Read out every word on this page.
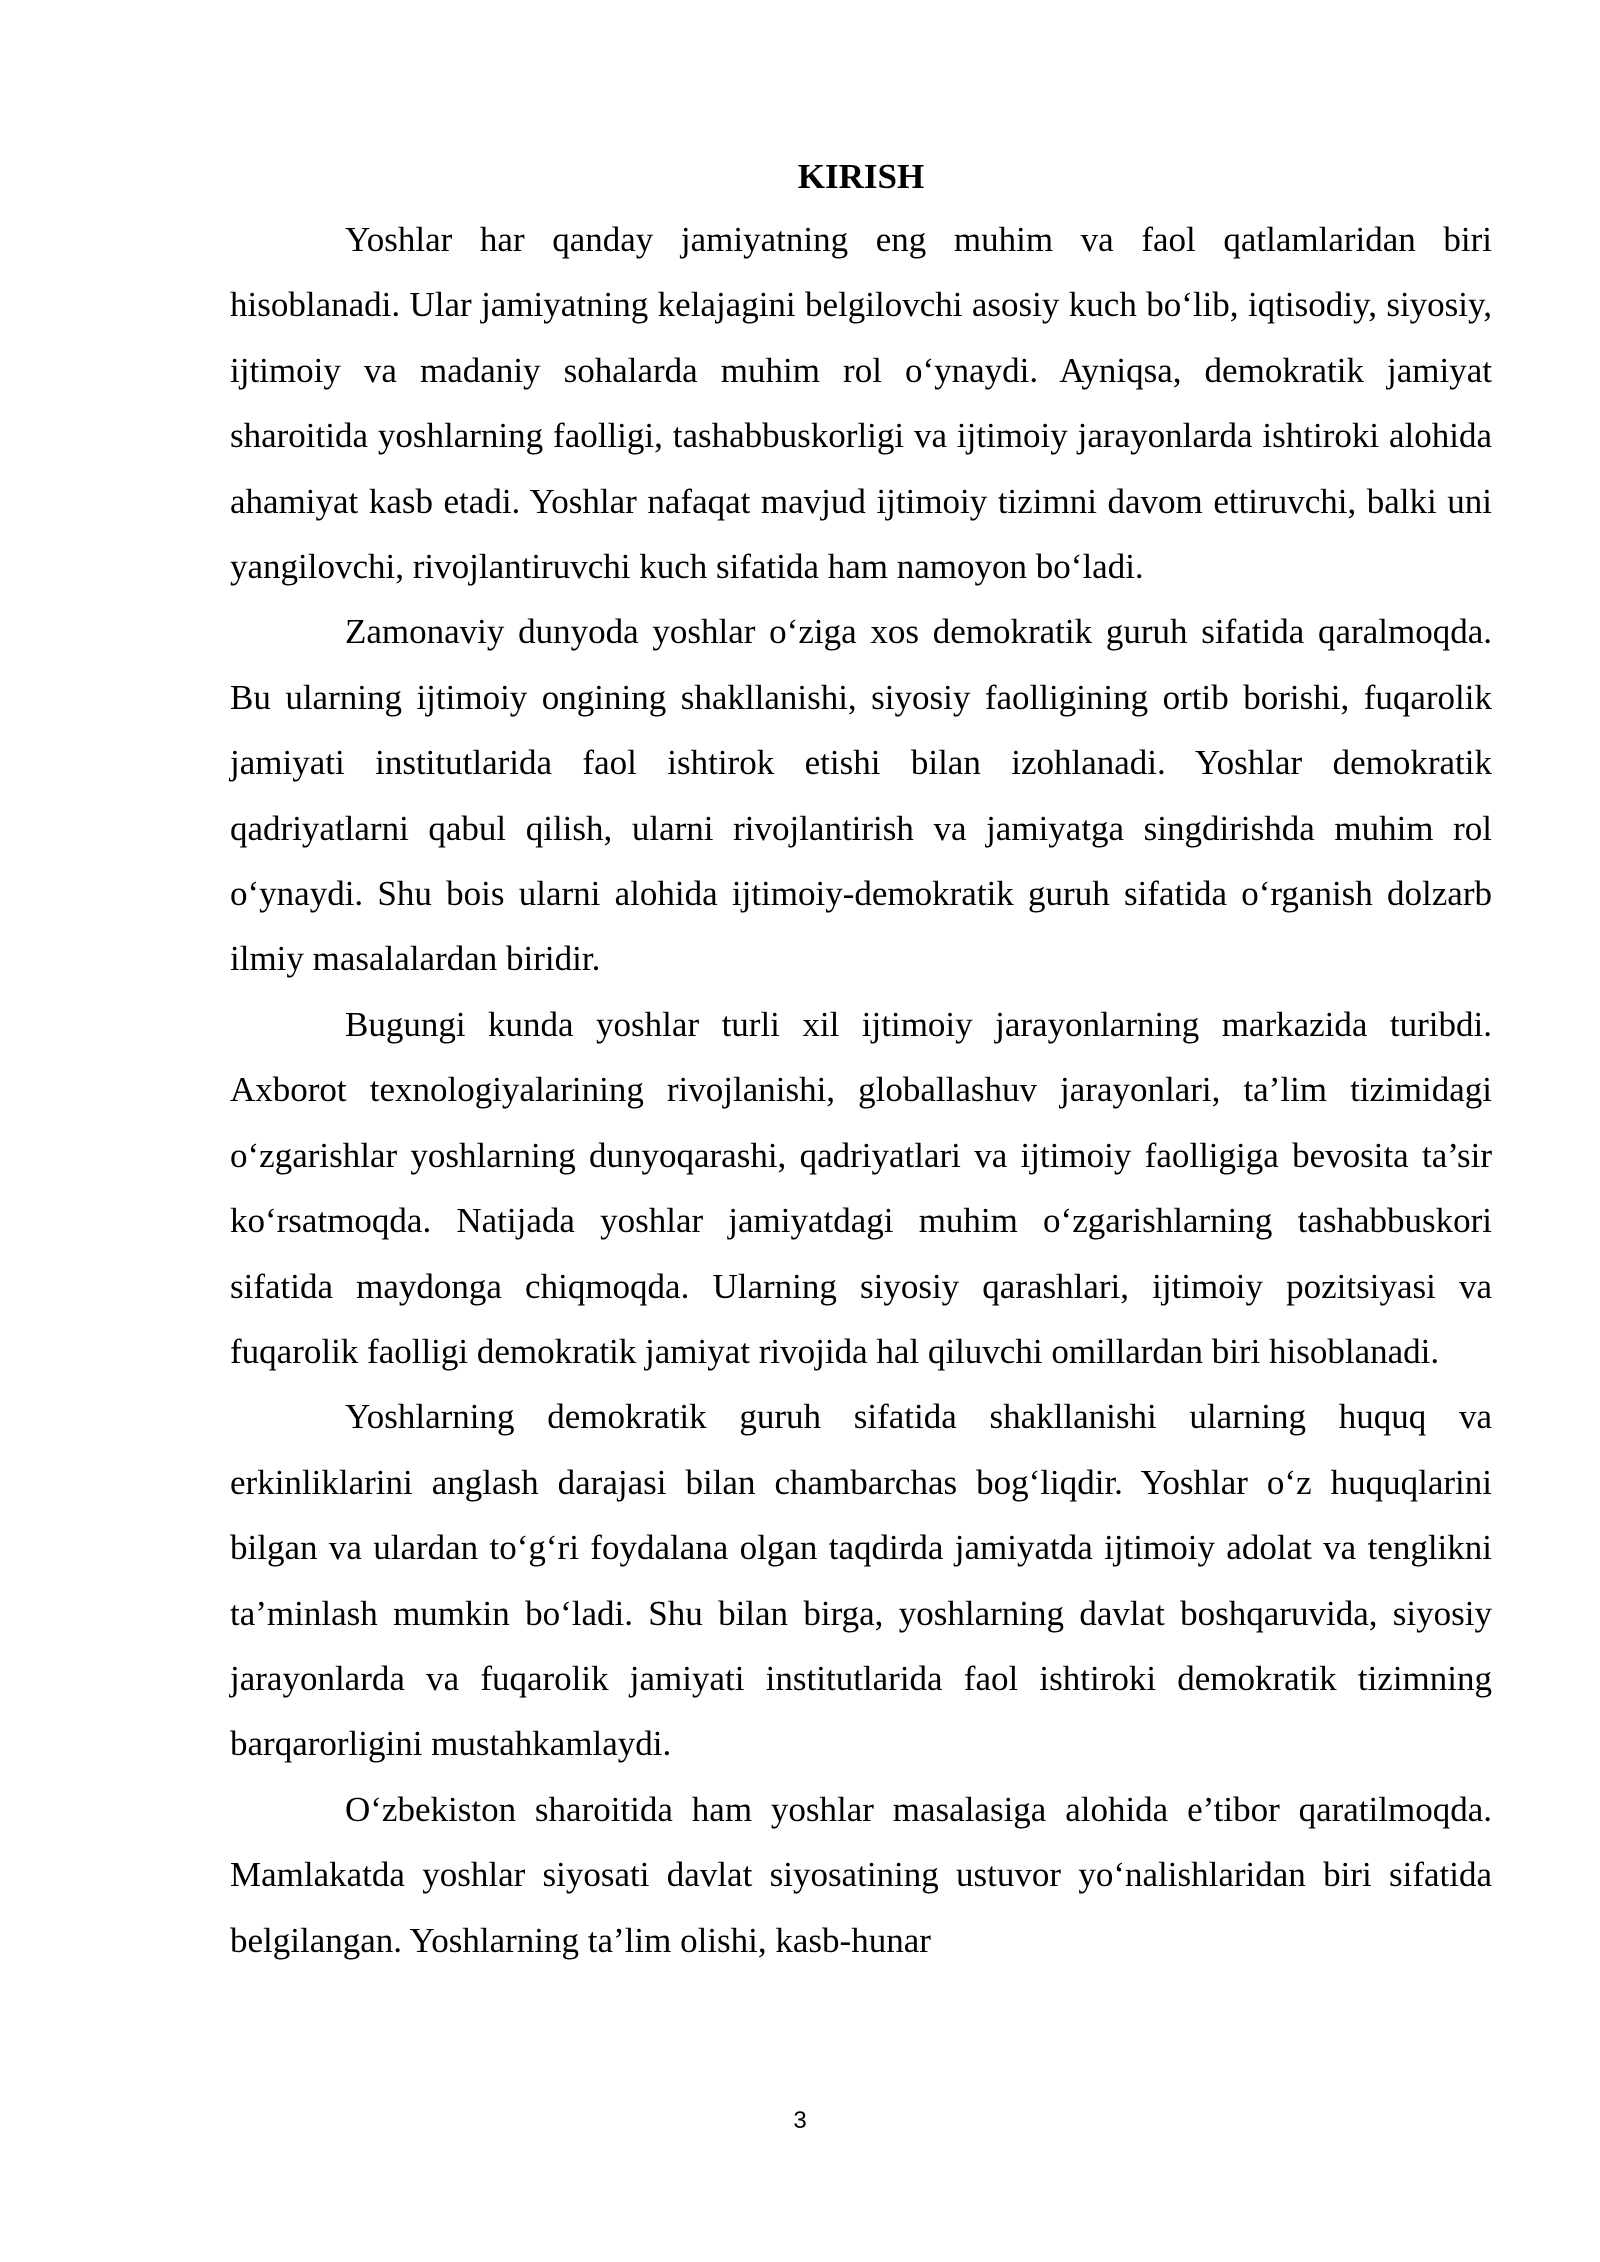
KIRISH

Yoshlar har qanday jamiyatning eng muhim va faol qatlamlaridan biri hisoblanadi. Ular jamiyatning kelajagini belgilovchi asosiy kuch bo‘lib, iqtisodiy, siyosiy, ijtimoiy va madaniy sohalarda muhim rol o‘ynaydi. Ayniqsa, demokratik jamiyat sharoitida yoshlarning faolligi, tashabbuskorligi va ijtimoiy jarayonlarda ishtiroki alohida ahamiyat kasb etadi. Yoshlar nafaqat mavjud ijtimoiy tizimni davom ettiruvchi, balki uni yangilovchi, rivojlantiruvchi kuch sifatida ham namoyon bo‘ladi.

Zamonaviy dunyoda yoshlar o‘ziga xos demokratik guruh sifatida qaralmoqda. Bu ularning ijtimoiy ongining shakllanishi, siyosiy faolligining ortib borishi, fuqarolik jamiyati institutlarida faol ishtirok etishi bilan izohlanadi. Yoshlar demokratik qadriyatlarni qabul qilish, ularni rivojlantirish va jamiyatga singdirishda muhim rol o‘ynaydi. Shu bois ularni alohida ijtimoiy-demokratik guruh sifatida o‘rganish dolzarb ilmiy masalalardan biridir.

Bugungi kunda yoshlar turli xil ijtimoiy jarayonlarning markazida turibdi. Axborot texnologiyalarining rivojlanishi, globallashuv jarayonlari, ta’lim tizimidagi o‘zgarishlar yoshlarning dunyoqarashi, qadriyatlari va ijtimoiy faolligiga bevosita ta’sir ko‘rsatmoqda. Natijada yoshlar jamiyatdagi muhim o‘zgarishlarning tashabbuskori sifatida maydonga chiqmoqda. Ularning siyosiy qarashlari, ijtimoiy pozitsiyasi va fuqarolik faolligi demokratik jamiyat rivojida hal qiluvchi omillardan biri hisoblanadi.

Yoshlarning demokratik guruh sifatida shakllanishi ularning huquq va erkinliklarini anglash darajasi bilan chambarchas bog‘liqdir. Yoshlar o‘z huquqlarini bilgan va ulardan to‘g‘ri foydalana olgan taqdirda jamiyatda ijtimoiy adolat va tenglikni ta’minlash mumkin bo‘ladi. Shu bilan birga, yoshlarning davlat boshqaruvida, siyosiy jarayonlarda va fuqarolik jamiyati institutlarida faol ishtiroki demokratik tizimning barqarorligini mustahkamlaydi.

O‘zbekiston sharoitida ham yoshlar masalasiga alohida e’tibor qaratilmoqda. Mamlakatda yoshlar siyosati davlat siyosatining ustuvor yo‘nalishlaridan biri sifatida belgilangan. Yoshlarning ta’lim olishi, kasb-hunar

3
